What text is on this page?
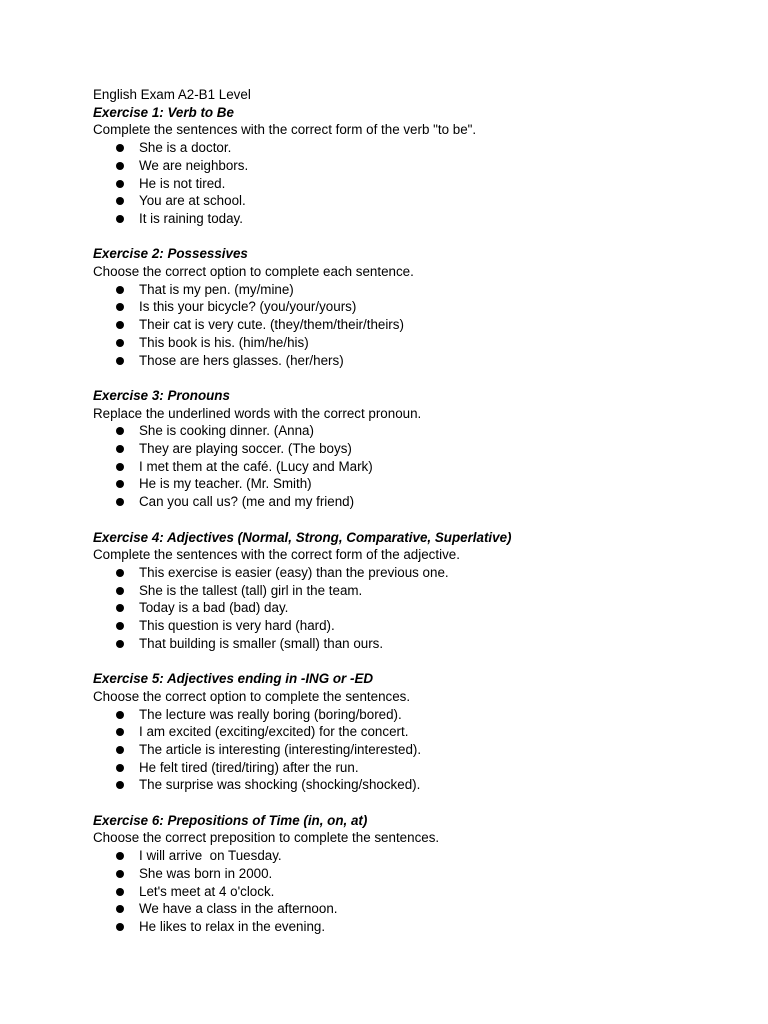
English Exam A2-B1 Level
Exercise 1: Verb to Be

Complete the sentences with the correct form of the verb "to be".

She is a doctor.
We are neighbors.
He is not tired.
You are at school.
It is raining today.
Exercise 2: Possessives

Choose the correct option to complete each sentence.

That is my pen. (my/mine)
Is this your bicycle? (you/your/yours)
Their cat is very cute. (they/them/their/theirs)
This book is his. (him/he/his)
Those are hers glasses. (her/hers)
Exercise 3: Pronouns

Replace the underlined words with the correct pronoun.

She is cooking dinner. (Anna)
They are playing soccer. (The boys)
I met them at the café. (Lucy and Mark)
He is my teacher. (Mr. Smith)
Can you call us? (me and my friend)
Exercise 4: Adjectives (Normal, Strong, Comparative, Superlative)

Complete the sentences with the correct form of the adjective.

This exercise is easier (easy) than the previous one.
She is the tallest (tall) girl in the team.
Today is a bad (bad) day.
This question is very hard (hard).
That building is smaller (small) than ours.
Exercise 5: Adjectives ending in -ING or -ED

Choose the correct option to complete the sentences.

The lecture was really boring (boring/bored).
I am excited (exciting/excited) for the concert.
The article is interesting (interesting/interested).
He felt tired (tired/tiring) after the run.
The surprise was shocking (shocking/shocked).
Exercise 6: Prepositions of Time (in, on, at)

Choose the correct preposition to complete the sentences.

I will arrive  on Tuesday.
She was born in 2000.
Let's meet at 4 o'clock.
We have a class in the afternoon.
He likes to relax in the evening.
